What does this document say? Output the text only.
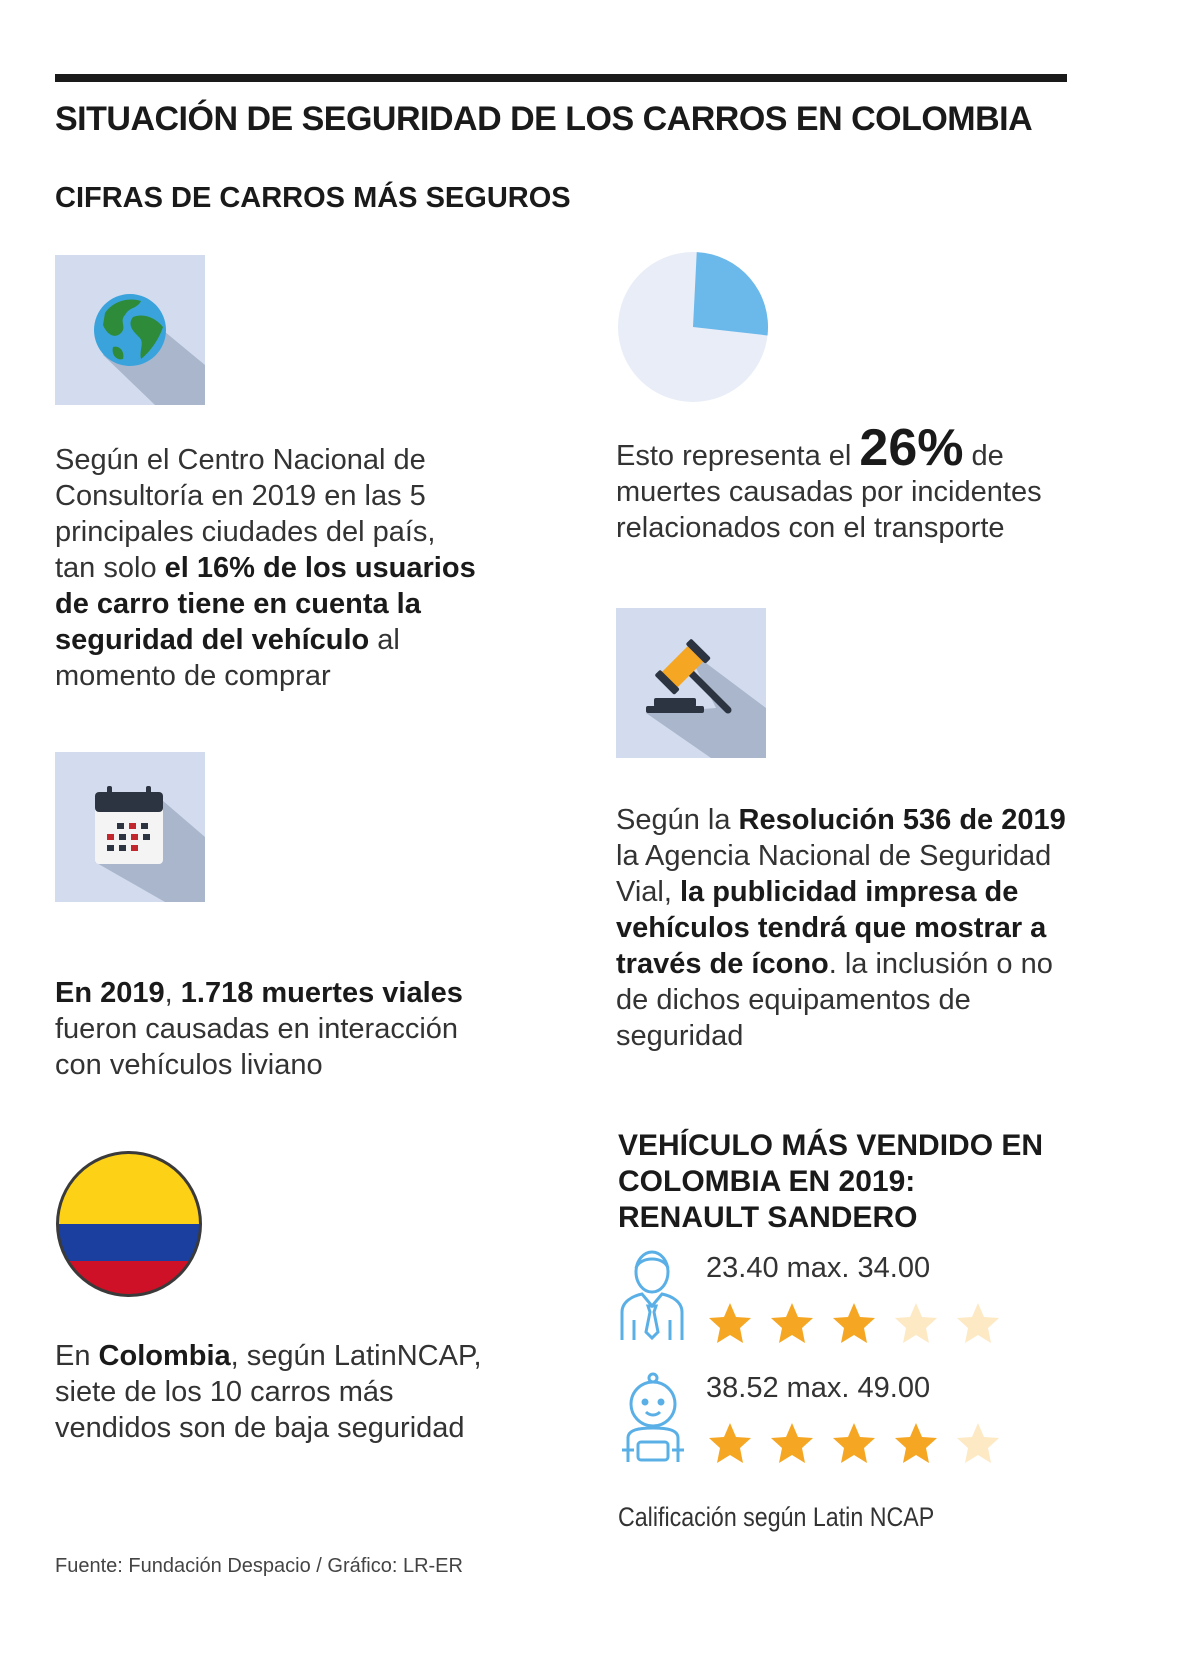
SITUACIÓN DE SEGURIDAD DE LOS CARROS EN COLOMBIA
CIFRAS DE CARROS MÁS SEGUROS
Según el Centro Nacional de
Consultoría en 2019 en las 5
principales ciudades del país,
tan solo el 16% de los usuarios
de carro tiene en cuenta la
seguridad del vehículo al
momento de comprar
En 2019, 1.718 muertes viales
fueron causadas en interacción
con vehículos liviano
En Colombia, según LatinNCAP,
siete de los 10 carros más
vendidos son de baja seguridad
Esto representa el 26% de
muertes causadas por incidentes
relacionados con el transporte
Según la Resolución 536 de 2019
la Agencia Nacional de Seguridad
Vial, la publicidad impresa de
vehículos tendrá que mostrar a
través de ícono. la inclusión o no
de dichos equipamentos de
seguridad
VEHÍCULO MÁS VENDIDO EN
COLOMBIA EN 2019:
RENAULT SANDERO
23.40 max. 34.00
38.52 max. 49.00
Calificación según Latin NCAP
Fuente: Fundación Despacio / Gráfico: LR-ER
